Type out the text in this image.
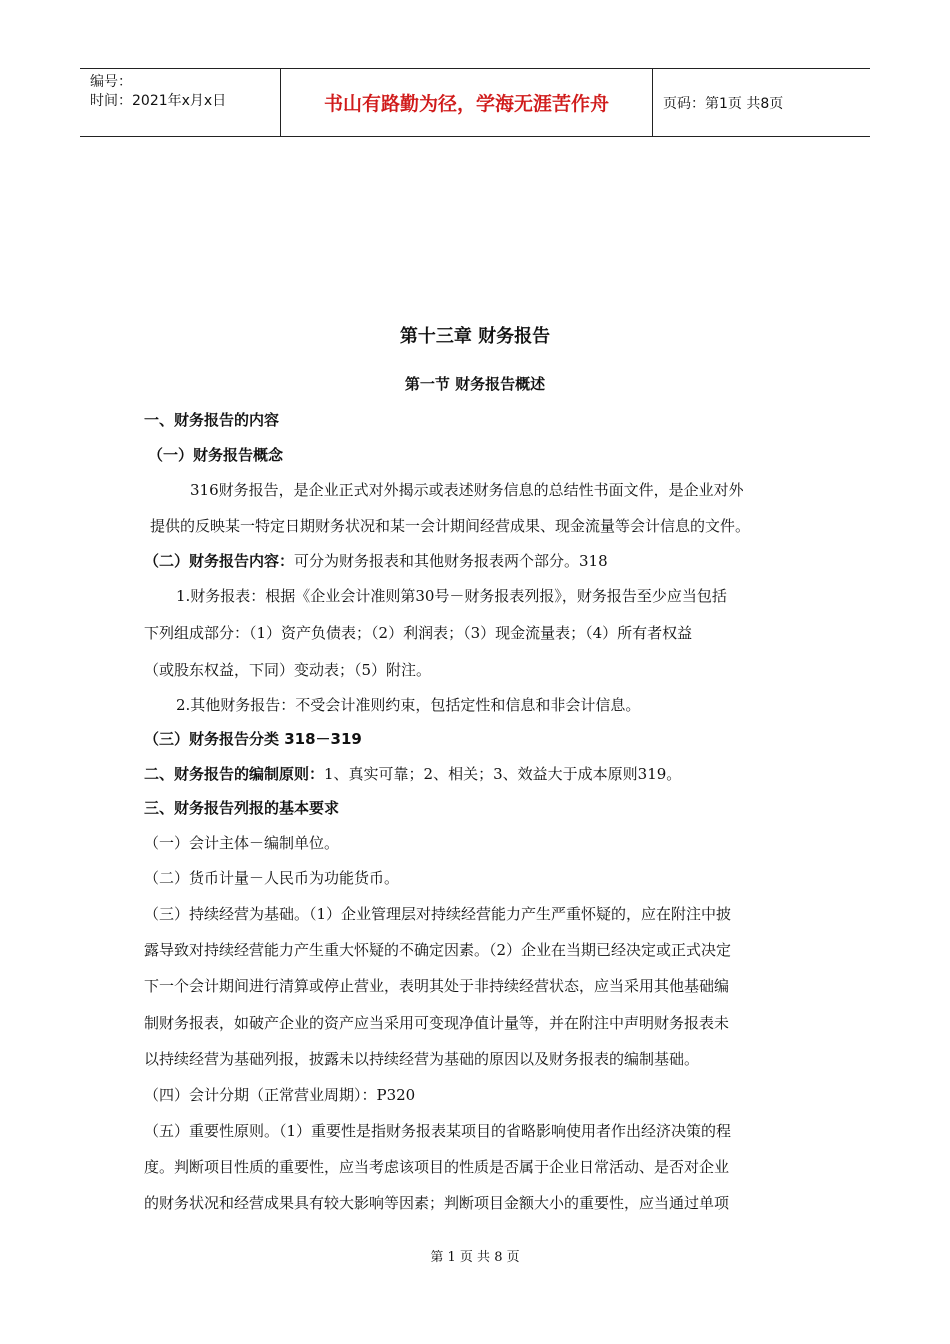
编号：
时间：2021年x月x日	书山有路勤为径，学海无涯苦作舟	页码：第1页 共8页
第十三章 财务报告
第一节 财务报告概述
一、财务报告的内容
（一）财务报告概念
316财务报告，是企业正式对外揭示或表述财务信息的总结性书面文件，是企业对外
提供的反映某一特定日期财务状况和某一会计期间经营成果、现金流量等会计信息的文件。
（二）财务报告内容：可分为财务报表和其他财务报表两个部分。318
1.财务报表：根据《企业会计准则第30号－财务报表列报》，财务报告至少应当包括
下列组成部分：（1）资产负债表；（2）利润表；（3）现金流量表；（4）所有者权益
（或股东权益，下同）变动表；（5）附注。
2.其他财务报告：不受会计准则约束，包括定性和信息和非会计信息。
（三）财务报告分类 318－319
二、财务报告的编制原则：1、真实可靠；2、相关；3、效益大于成本原则319。
三、财务报告列报的基本要求
（一）会计主体－编制单位。
（二）货币计量－人民币为功能货币。
（三）持续经营为基础。（1）企业管理层对持续经营能力产生严重怀疑的，应在附注中披
露导致对持续经营能力产生重大怀疑的不确定因素。（2）企业在当期已经决定或正式决定
下一个会计期间进行清算或停止营业，表明其处于非持续经营状态，应当采用其他基础编
制财务报表，如破产企业的资产应当采用可变现净值计量等，并在附注中声明财务报表未
以持续经营为基础列报，披露未以持续经营为基础的原因以及财务报表的编制基础。
（四）会计分期（正常营业周期）：P320
（五）重要性原则。（1）重要性是指财务报表某项目的省略影响使用者作出经济决策的程
度。判断项目性质的重要性，应当考虑该项目的性质是否属于企业日常活动、是否对企业
的财务状况和经营成果具有较大影响等因素；判断项目金额大小的重要性，应当通过单项
第 1 页 共 8 页
